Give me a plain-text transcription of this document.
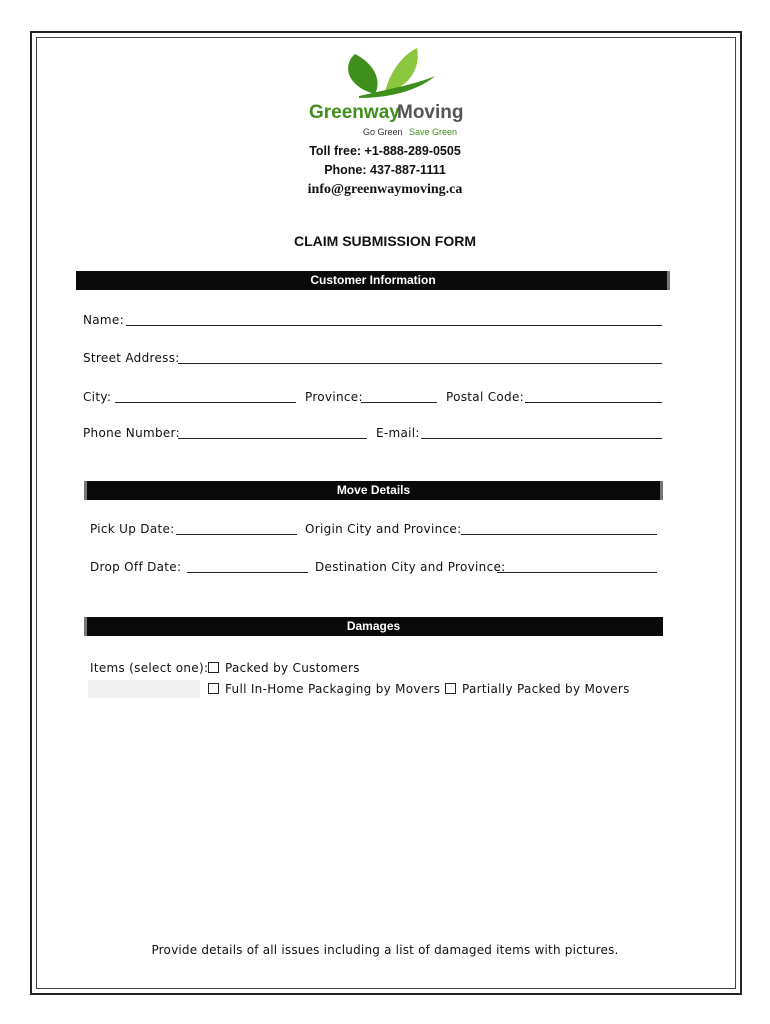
Greenway
Moving
Go Green Save Green
Toll free: +1-888-289-0505
Phone: 437-887-1111
info@greenwaymoving.ca
CLAIM SUBMISSION FORM
Customer Information
Name:
Street Address:
City:	Province:	Postal Code:
Phone Number:	E-mail:
Move Details
Pick Up Date:	Origin City and Province:
Drop Off Date:	Destination City and Province:
Damages
Items (select one):	Packed by Customers
Full In-Home Packaging by Movers	Partially Packed by Movers
Provide details of all issues including a list of damaged items with pictures.
